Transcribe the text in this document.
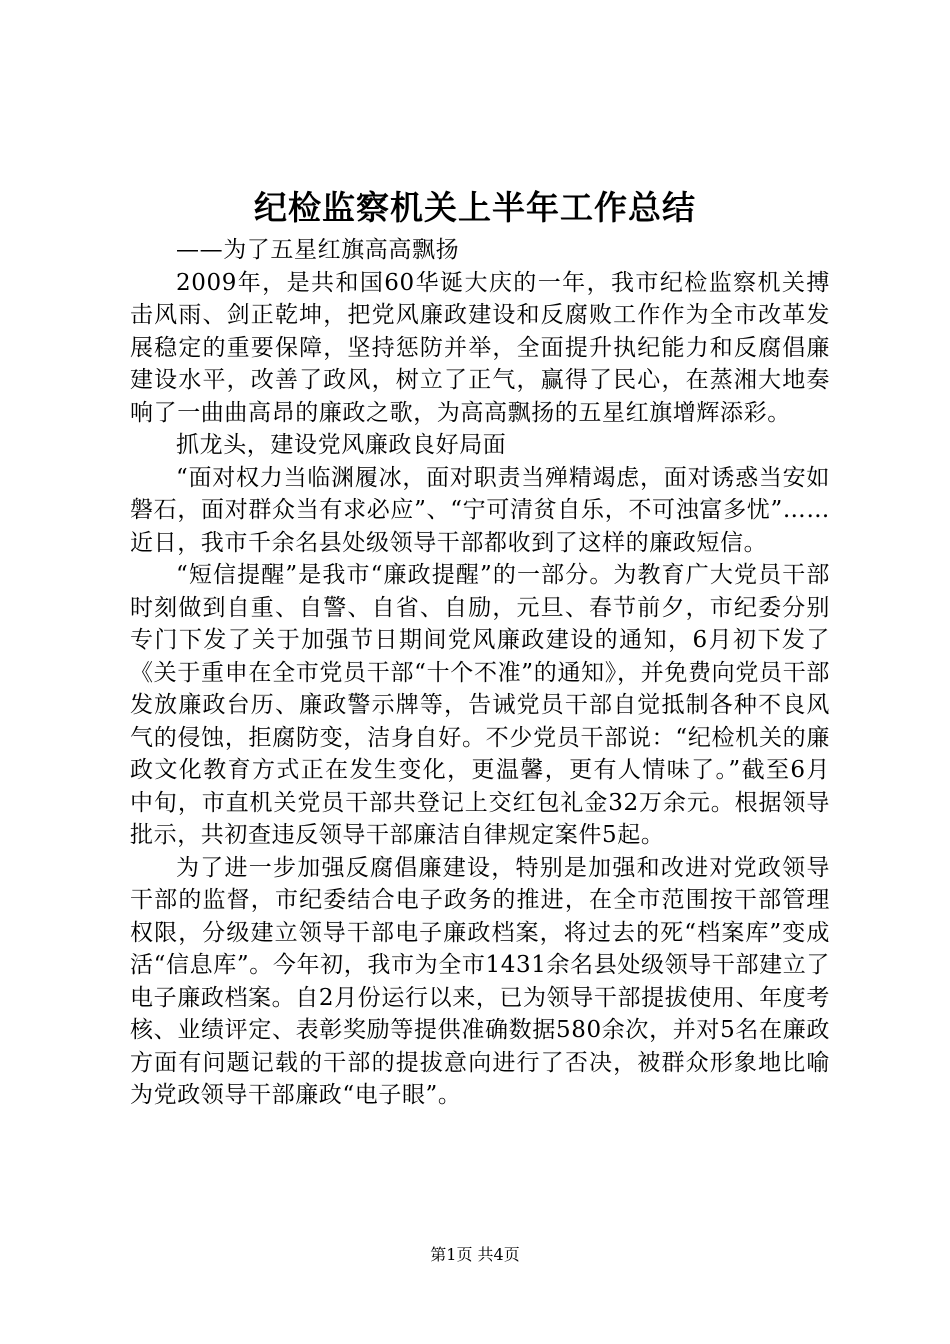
纪检监察机关上半年工作总结

——为了五星红旗高高飘扬

2009年，是共和国60华诞大庆的一年，我市纪检监察机关搏击风雨、剑正乾坤，把党风廉政建设和反腐败工作作为全市改革发展稳定的重要保障，坚持惩防并举，全面提升执纪能力和反腐倡廉建设水平，改善了政风，树立了正气，赢得了民心，在蒸湘大地奏响了一曲曲高昂的廉政之歌，为高高飘扬的五星红旗增辉添彩。

抓龙头，建设党风廉政良好局面

“面对权力当临渊履冰，面对职责当殚精竭虑，面对诱惑当安如磐石，面对群众当有求必应”、“宁可清贫自乐，不可浊富多忧”……近日，我市千余名县处级领导干部都收到了这样的廉政短信。

“短信提醒”是我市“廉政提醒”的一部分。为教育广大党员干部时刻做到自重、自警、自省、自励，元旦、春节前夕，市纪委分别专门下发了关于加强节日期间党风廉政建设的通知，6月初下发了《关于重申在全市党员干部“十个不准”的通知》，并免费向党员干部发放廉政台历、廉政警示牌等，告诫党员干部自觉抵制各种不良风气的侵蚀，拒腐防变，洁身自好。不少党员干部说：“纪检机关的廉政文化教育方式正在发生变化，更温馨，更有人情味了。”截至6月中旬，市直机关党员干部共登记上交红包礼金32万余元。根据领导批示，共初查违反领导干部廉洁自律规定案件5起。

为了进一步加强反腐倡廉建设，特别是加强和改进对党政领导干部的监督，市纪委结合电子政务的推进，在全市范围按干部管理权限，分级建立领导干部电子廉政档案，将过去的死“档案库”变成活“信息库”。今年初，我市为全市1431余名县处级领导干部建立了电子廉政档案。自2月份运行以来，已为领导干部提拔使用、年度考核、业绩评定、表彰奖励等提供准确数据580余次，并对5名在廉政方面有问题记载的干部的提拔意向进行了否决，被群众形象地比喻为党政领导干部廉政“电子眼”。

第1页 共4页
